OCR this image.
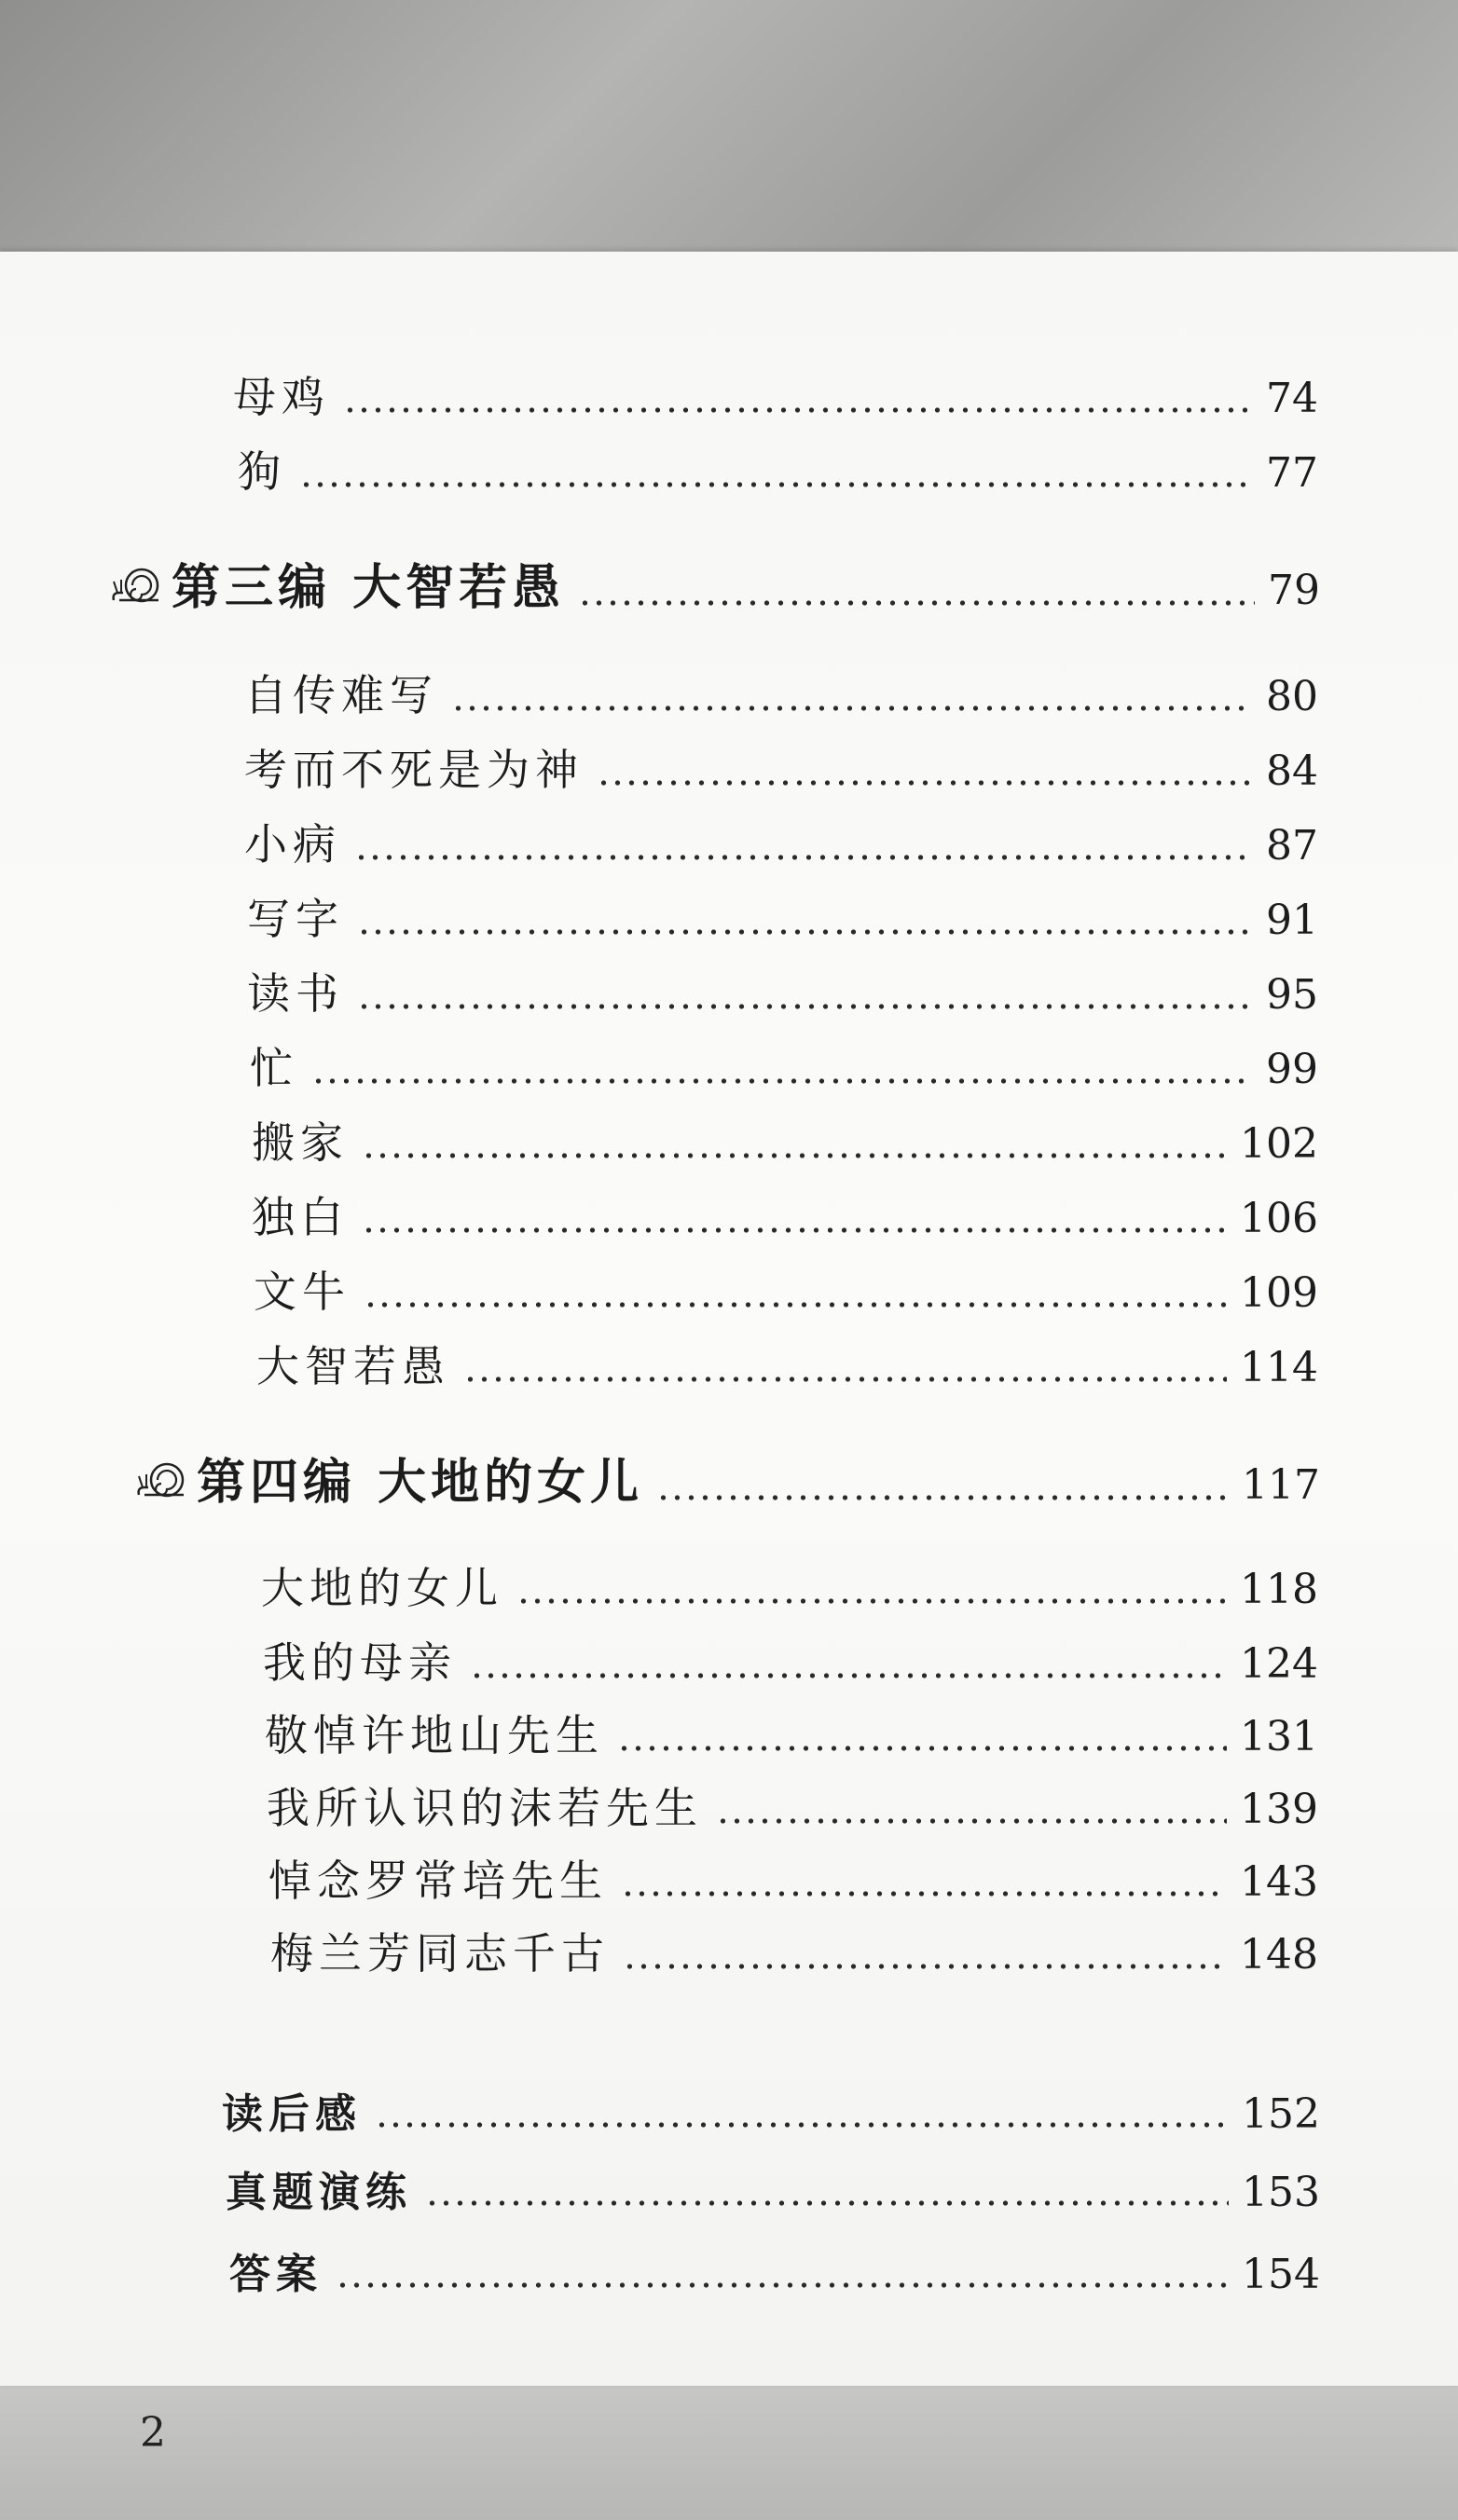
母鸡	74
狗	77
第三编 大智若愚	79
自传难写	80
考而不死是为神	84
小病	87
写字	91
读书	95
忙	99
搬家	102
独白	106
文牛	109
大智若愚	114
第四编 大地的女儿	117
大地的女儿	118
我的母亲	124
敬悼许地山先生	131
我所认识的沫若先生	139
悼念罗常培先生	143
梅兰芳同志千古	148
读后感	152
真题演练	153
答案	154
2
